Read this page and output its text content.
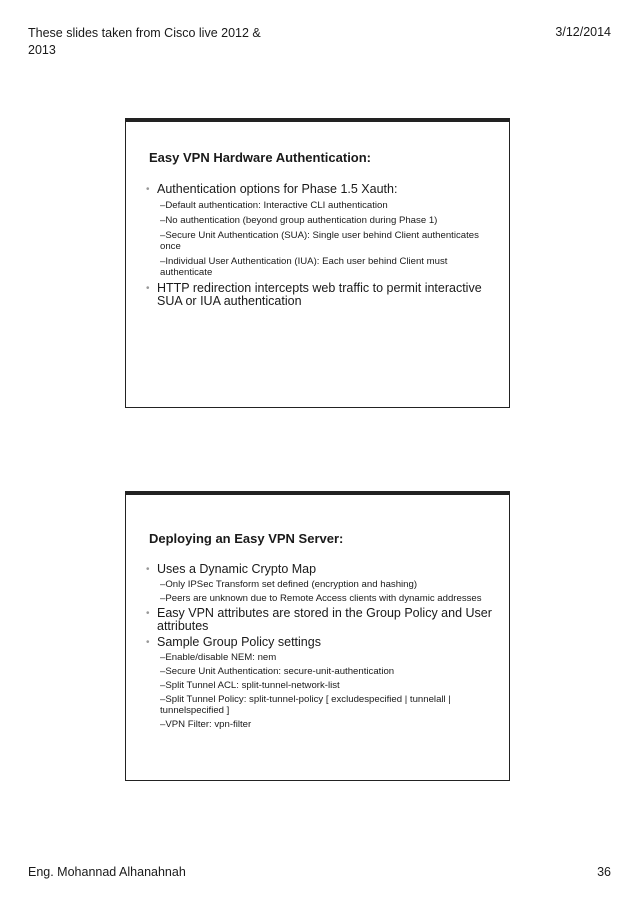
These slides taken from Cisco live 2012 & 2013
3/12/2014
Easy VPN Hardware Authentication:
• Authentication options for Phase 1.5 Xauth:
–Default authentication: Interactive CLI authentication
–No authentication (beyond group authentication during Phase 1)
–Secure Unit Authentication (SUA): Single user behind Client authenticates once
–Individual User Authentication (IUA): Each user behind Client must authenticate
• HTTP redirection intercepts web traffic to permit interactive SUA or IUA authentication
Deploying an Easy VPN Server:
• Uses a Dynamic Crypto Map
–Only IPSec Transform set defined (encryption and hashing)
–Peers are unknown due to Remote Access clients with dynamic addresses
• Easy VPN attributes are stored in the Group Policy and User attributes
• Sample Group Policy settings
–Enable/disable NEM: nem
–Secure Unit Authentication: secure-unit-authentication
–Split Tunnel ACL: split-tunnel-network-list
–Split Tunnel Policy: split-tunnel-policy [ excludespecified | tunnelall | tunnelspecified ]
–VPN Filter: vpn-filter
Eng. Mohannad Alhanahnah	36
